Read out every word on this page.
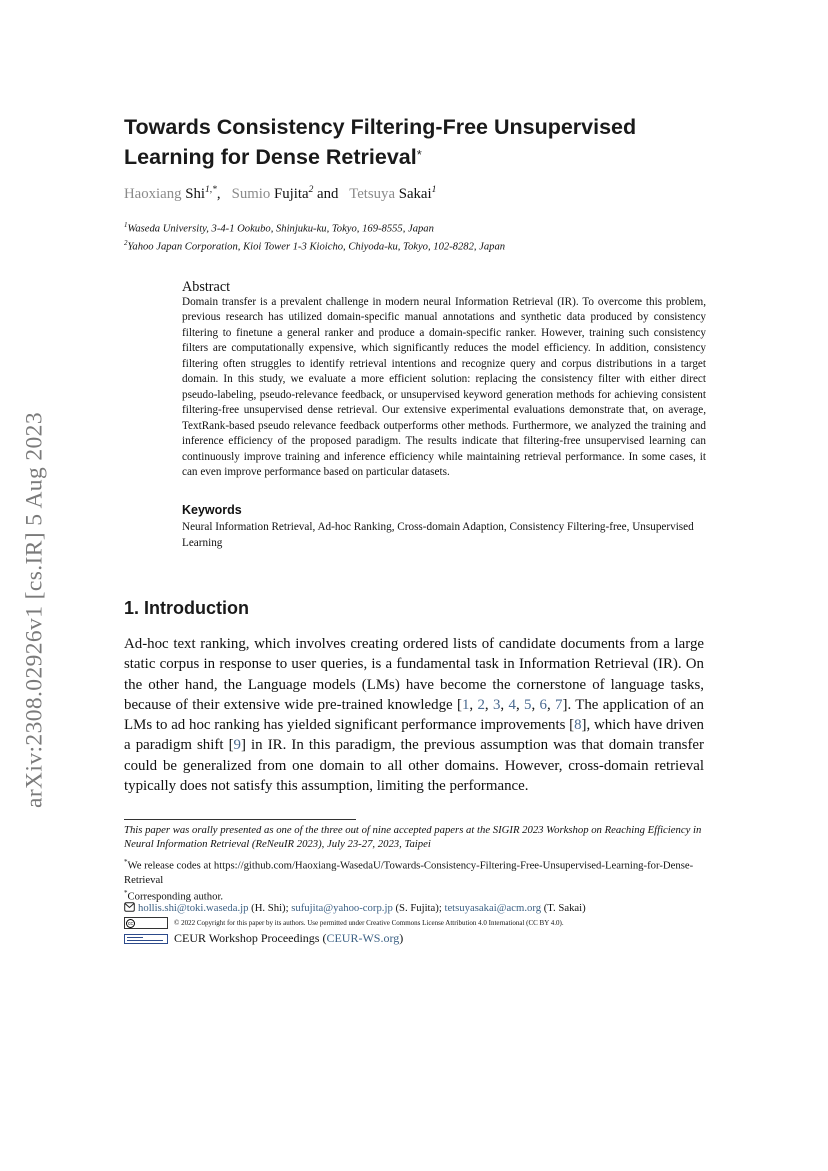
arXiv:2308.02926v1 [cs.IR] 5 Aug 2023
Towards Consistency Filtering-Free Unsupervised Learning for Dense Retrieval*
Haoxiang Shi$^{1,*}$,   Sumio Fujita$^2$ and   Tetsuya Sakai$^1$
$^1$Waseda University, 3-4-1 Ookubo, Shinjuku-ku, Tokyo, 169-8555, Japan
$^2$Yahoo Japan Corporation, Kioi Tower 1-3 Kioicho, Chiyoda-ku, Tokyo, 102-8282, Japan
Abstract
Domain transfer is a prevalent challenge in modern neural Information Retrieval (IR). To overcome this problem, previous research has utilized domain-specific manual annotations and synthetic data produced by consistency filtering to finetune a general ranker and produce a domain-specific ranker. However, training such consistency filters are computationally expensive, which significantly reduces the model efficiency. In addition, consistency filtering often struggles to identify retrieval intentions and recognize query and corpus distributions in a target domain. In this study, we evaluate a more efficient solution: replacing the consistency filter with either direct pseudo-labeling, pseudo-relevance feedback, or unsupervised keyword generation methods for achieving consistent filtering-free unsupervised dense retrieval. Our extensive experimental evaluations demonstrate that, on average, TextRank-based pseudo relevance feedback outperforms other methods. Furthermore, we analyzed the training and inference efficiency of the proposed paradigm. The results indicate that filtering-free unsupervised learning can continuously improve training and inference efficiency while maintaining retrieval performance. In some cases, it can even improve performance based on particular datasets.
Keywords
Neural Information Retrieval, Ad-hoc Ranking, Cross-domain Adaption, Consistency Filtering-free, Unsupervised Learning
1. Introduction
Ad-hoc text ranking, which involves creating ordered lists of candidate documents from a large static corpus in response to user queries, is a fundamental task in Information Retrieval (IR). On the other hand, the Language models (LMs) have become the cornerstone of language tasks, because of their extensive wide pre-trained knowledge [1, 2, 3, 4, 5, 6, 7]. The application of an LMs to ad hoc ranking has yielded significant performance improvements [8], which have driven a paradigm shift [9] in IR. In this paradigm, the previous assumption was that domain transfer could be generalized from one domain to all other domains. However, cross-domain retrieval typically does not satisfy this assumption, limiting the performance.
This paper was orally presented as one of the three out of nine accepted papers at the SIGIR 2023 Workshop on Reaching Efficiency in Neural Information Retrieval (ReNeuIR 2023), July 23-27, 2023, Taipei
*We release codes at https://github.com/Haoxiang-WasedaU/Towards-Consistency-Filtering-Free-Unsupervised-Learning-for-Dense-Retrieval
*Corresponding author.
hollis.shi@toki.waseda.jp (H. Shi); sufujita@yahoo-corp.jp (S. Fujita); tetsuyasakai@acm.org (T. Sakai)
cc	© 2022 Copyright for this paper by its authors. Use permitted under Creative Commons License Attribution 4.0 International (CC BY 4.0).
CEUR Workshop Proceedings (CEUR-WS.org)
